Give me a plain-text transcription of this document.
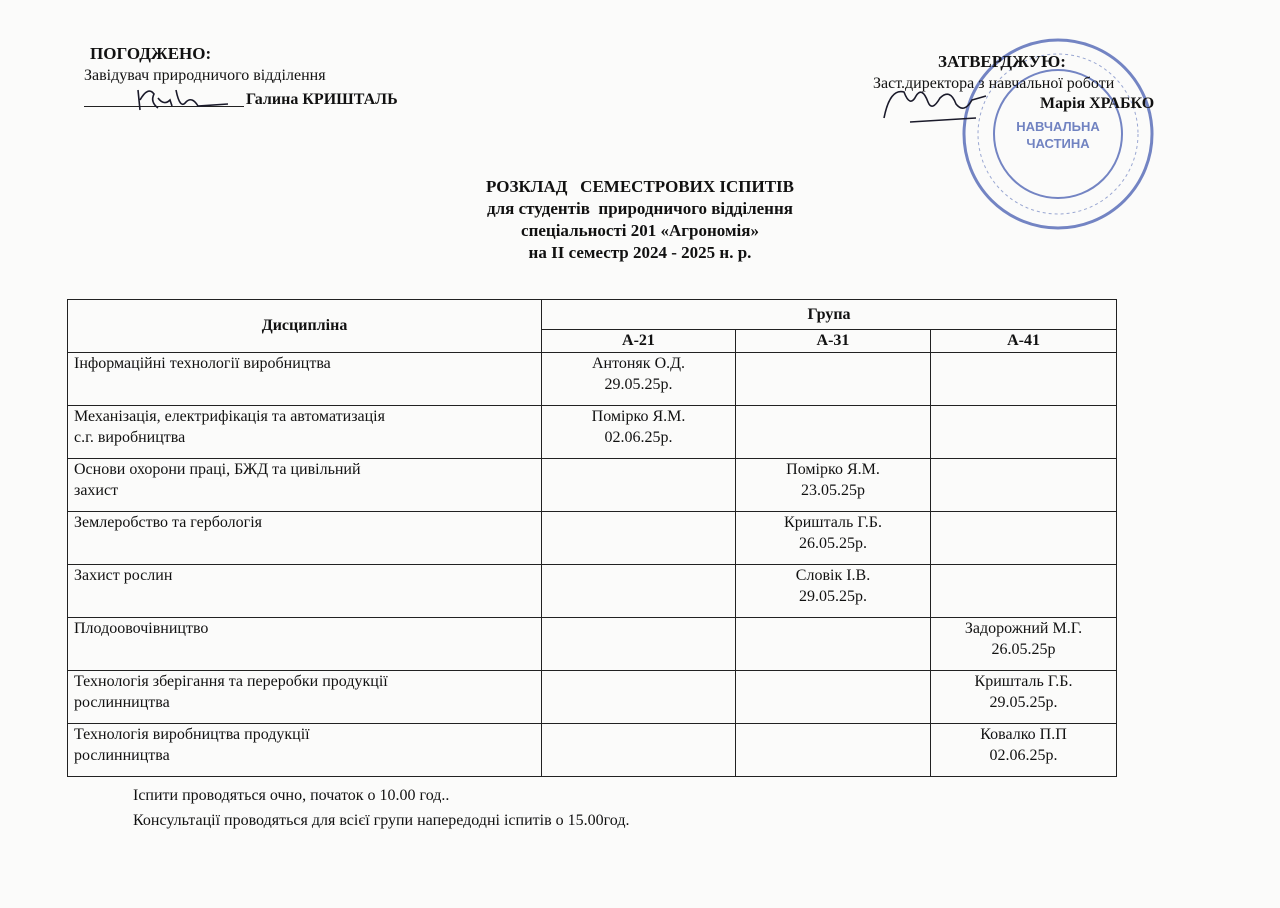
ПОГОДЖЕНО:
Завідувач природничого відділення
Галина КРИШТАЛЬ
НАВЧАЛЬНА
ЧАСТИНА
ЗАТВЕРДЖУЮ:
Заст.директора з навчальної роботи
Марія ХРАБКО
РОЗКЛАД   СЕМЕСТРОВИХ ІСПИТІВ
для студентів  природничого відділення
спеціальності 201 «Агрономія»
на ІІ семестр 2024 - 2025 н. р.
Дисципліна	Група		
	А-21	А-31	А-41
Інформаційні технології виробництва	Антоняк О.Д.
29.05.25р.		
Механізація, електрифікація та автоматизація
с.г. виробництва	Помірко Я.М.
02.06.25р.		
Основи охорони праці, БЖД та цивільний
захист		Помірко Я.М.
23.05.25р	
Землеробство та гербологія		Кришталь Г.Б.
26.05.25р.	
Захист рослин		Словік І.В.
29.05.25р.	
Плодоовочівництво			Задорожний М.Г.
26.05.25р
Технологія зберігання та переробки продукції
рослинництва			Кришталь Г.Б.
29.05.25р.
Технологія виробництва продукції
рослинництва			Ковалко П.П
02.06.25р.
Іспити проводяться очно, початок о 10.00 год..
Консультації проводяться для всієї групи напередодні іспитів о 15.00год.
